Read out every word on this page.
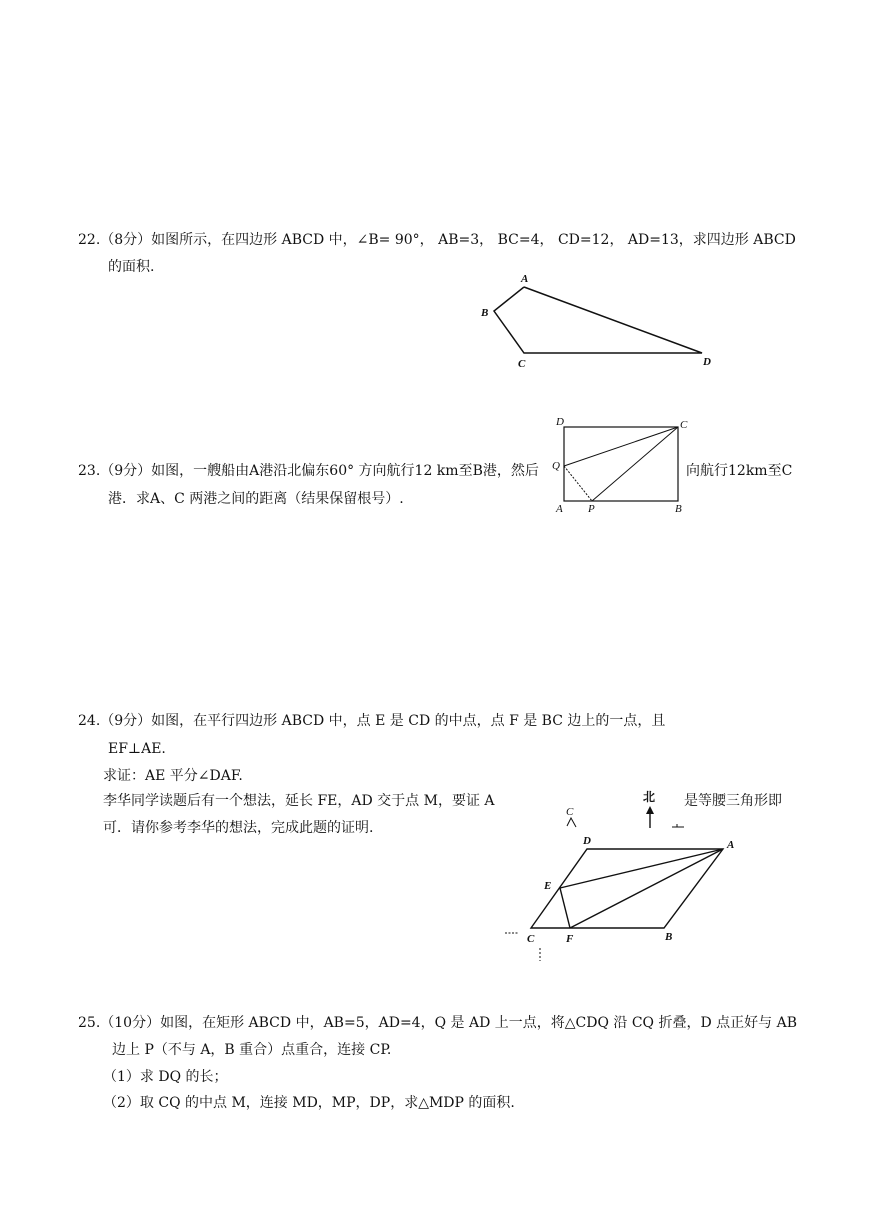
22.（8分）如图所示，在四边形 ABCD 中，∠B= 90°， AB=3， BC=4， CD=12， AD=13，求四边形 ABCD
的面积.
A
B
C	D
23.（9分）如图，一艘船由A港沿北偏东60° 方向航行12 km至B港，然后	向航行12km至C
港．求A、C 两港之间的距离（结果保留根号）.
D	C
Q
A P	B
24.（9分）如图，在平行四边形 ABCD 中，点 E 是 CD 的中点，点 F 是 BC 边上的一点，且
EF⊥AE.
求证：AE 平分∠DAF.
李华同学读题后有一个想法，延长 FE，AD 交于点 M，要证 A	是等腰三角形即
可．请你参考李华的想法，完成此题的证明.
C
北
D	A
E
C	F	B
25.（10分）如图，在矩形 ABCD 中，AB=5，AD=4，Q 是 AD 上一点，将△CDQ 沿 CQ 折叠，D 点正好与 AB
边上 P（不与 A，B 重合）点重合，连接 CP.
（1）求 DQ 的长；
（2）取 CQ 的中点 M，连接 MD，MP，DP，求△MDP 的面积.
